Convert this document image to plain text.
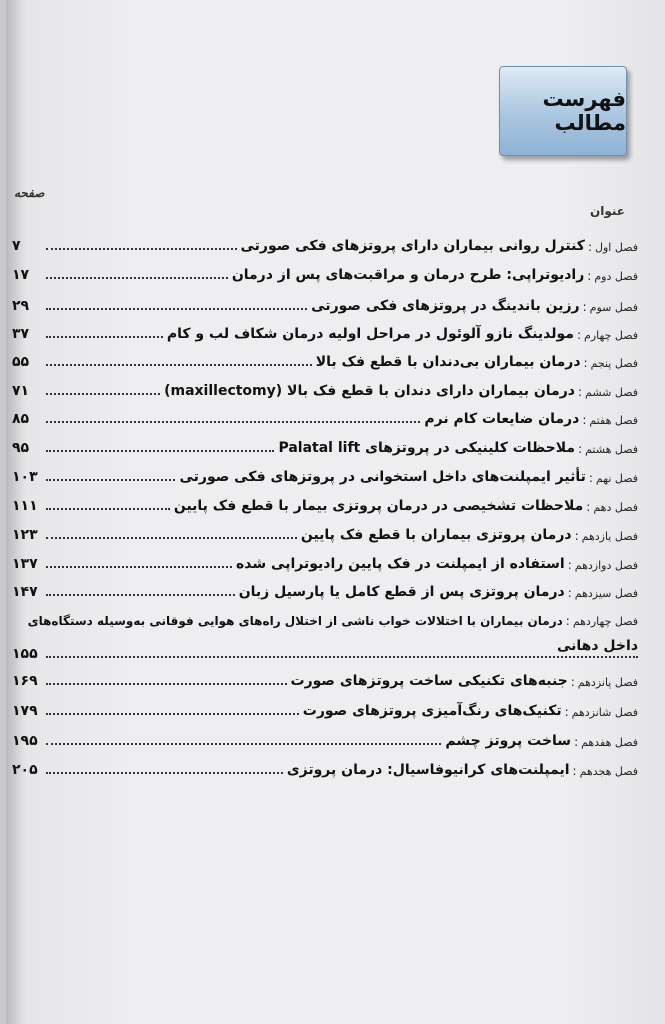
فهرست مطالب
صفحه
عنوان
فصل اول
:
کنترل روانی بیماران دارای پروتزهای فکی صورتی
۷
فصل دوم
:
رادیوتراپی: طرح درمان و مراقبت‌های پس از درمان
۱۷
فصل سوم
:
رزین باندینگ در پروتزهای فکی صورتی
۲۹
فصل چهارم
:
مولدینگ نازو آلوئول در مراحل اولیه درمان شکاف لب و کام
۳۷
فصل پنجم
:
درمان بیماران بی‌دندان با قطع فک بالا
۵۵
فصل ششم
:
درمان بیماران دارای دندان با قطع فک بالا (maxillectomy)
۷۱
فصل هفتم
:
درمان ضایعات کام نرم
۸۵
فصل هشتم
:
ملاحظات کلینیکی در پروتزهای Palatal lift
۹۵
فصل نهم
:
تأثیر ایمپلنت‌های داخل استخوانی در پروتزهای فکی صورتی
۱۰۳
فصل دهم
:
ملاحظات تشخیصی در درمان پروتزی بیمار با قطع فک پایین
۱۱۱
فصل یازدهم
:
درمان پروتزی بیماران با قطع فک پایین
۱۲۳
فصل دوازدهم
:
استفاده از ایمپلنت در فک پایین رادیوتراپی شده
۱۳۷
فصل سیزدهم
:
درمان پروتزی پس از قطع کامل یا پارسیل زبان
۱۴۷
فصل چهاردهم
:
درمان بیماران با اختلالات خواب ناشی از اختلال راه‌های هوایی فوقانی به‌وسیله دستگاه‌های
داخل دهانی
۱۵۵
فصل پانزدهم
:
جنبه‌های تکنیکی ساخت پروتزهای صورت
۱۶۹
فصل شانزدهم
:
تکنیک‌های رنگ‌آمیزی پروتزهای صورت
۱۷۹
فصل هفدهم
:
ساخت پروتز چشم
۱۹۵
فصل هجدهم
:
ایمپلنت‌های کرانیوفاسیال: درمان پروتزی
۲۰۵
